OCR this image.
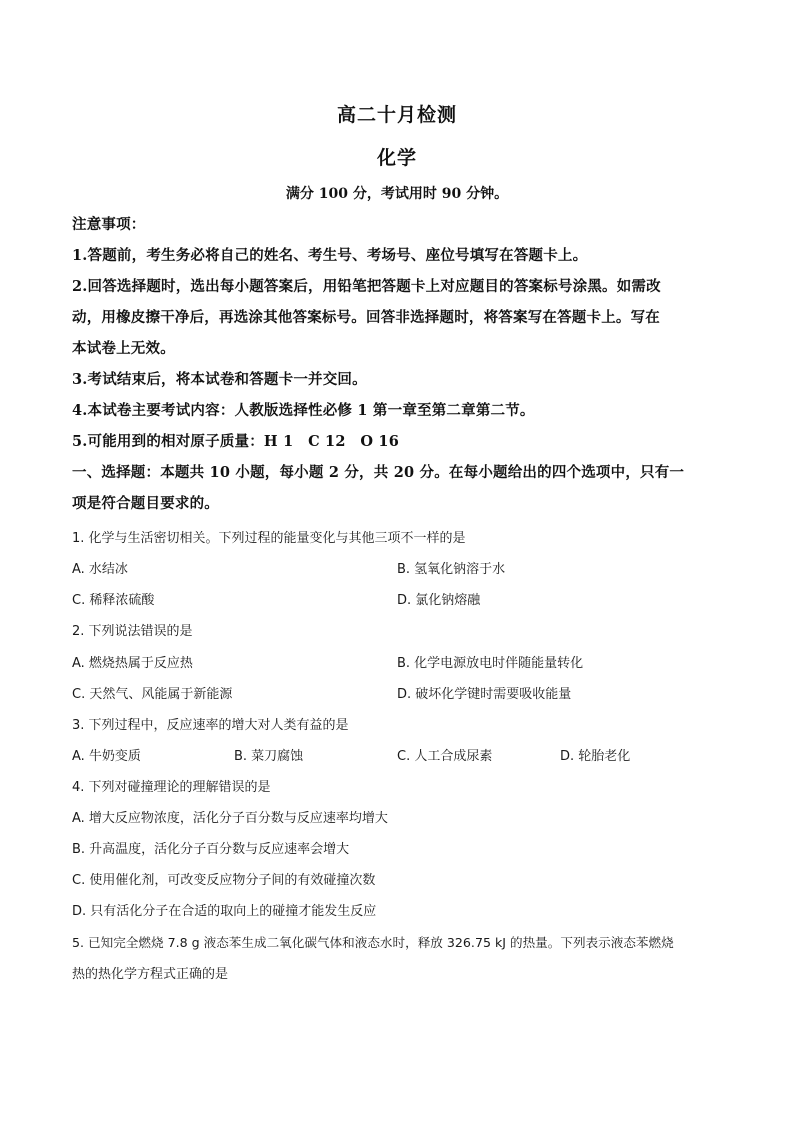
高二十月检测
化学
满分 100 分，考试用时 90 分钟。
注意事项：
1.答题前，考生务必将自己的姓名、考生号、考场号、座位号填写在答题卡上。
2.回答选择题时，选出每小题答案后，用铅笔把答题卡上对应题目的答案标号涂黑。如需改
动，用橡皮擦干净后，再选涂其他答案标号。回答非选择题时，将答案写在答题卡上。写在
本试卷上无效。
3.考试结束后，将本试卷和答题卡一并交回。
4.本试卷主要考试内容：人教版选择性必修 1 第一章至第二章第二节。
5.可能用到的相对原子质量：H 1　C 12　O 16
一、选择题：本题共 10 小题，每小题 2 分，共 20 分。在每小题给出的四个选项中，只有一
项是符合题目要求的。
1. 化学与生活密切相关。下列过程的能量变化与其他三项不一样的是
A. 水结冰	B. 氢氧化钠溶于水
C. 稀释浓硫酸	D. 氯化钠熔融
2. 下列说法错误的是
A. 燃烧热属于反应热	B. 化学电源放电时伴随能量转化
C. 天然气、风能属于新能源	D. 破坏化学键时需要吸收能量
3. 下列过程中，反应速率的增大对人类有益的是
A. 牛奶变质	B. 菜刀腐蚀	C. 人工合成尿素	D. 轮胎老化
4. 下列对碰撞理论的理解错误的是
A. 增大反应物浓度，活化分子百分数与反应速率均增大
B. 升高温度，活化分子百分数与反应速率会增大
C. 使用催化剂，可改变反应物分子间的有效碰撞次数
D. 只有活化分子在合适的取向上的碰撞才能发生反应
5. 已知完全燃烧 7.8 g 液态苯生成二氧化碳气体和液态水时，释放 326.75 kJ 的热量。下列表示液态苯燃烧
热的热化学方程式正确的是
